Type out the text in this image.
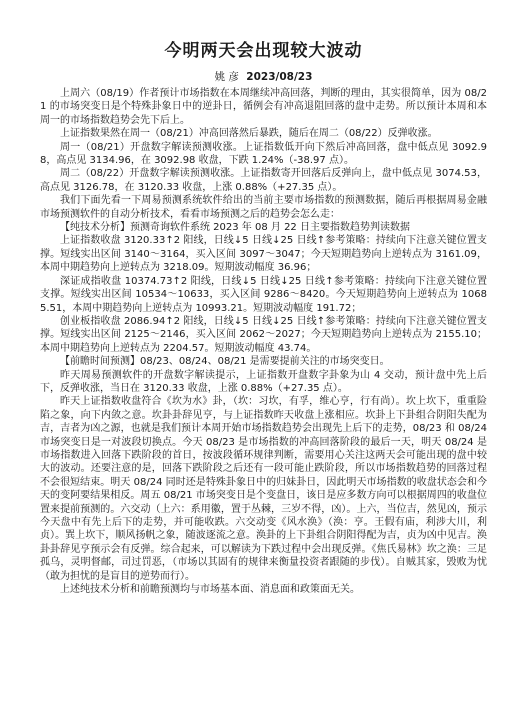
今明两天会出现较大波动
姚 彦 2023/08/23

上周六（08/19）作者预计市场指数在本周继续冲高回落，判断的理由，其实很简单，因为 08/21 的市场突变日是个特殊卦象日中的逆卦日，循例会有冲高退阻回落的盘中走势。所以预计本周和本周一的市场指数趋势会先下后上。

上证指数果然在周一（08/21）冲高回落然后暴跌，随后在周二（08/22）反弹收涨。

周一（08/21）开盘数字解读预测收涨。上证指数低开向下然后冲高回落，盘中低点见 3092.98，高点见 3134.96，在 3092.98 收盘，下跌 1.24%（-38.97 点）。

周二（08/22）开盘数字解读预测收涨。上证指数寄开回落后反弹向上，盘中低点见 3074.53，高点见 3126.78，在 3120.33 收盘，上涨 0.88%（+27.35 点）。

我们下面先看一下周易预测系统软件给出的当前主要市场指数的预测数据，随后再根据周易金融市场预测软件的自动分析技术，看看市场预测之后的趋势会怎么走：

【纯技术分析】预测奇询软件系统 2023 年 08 月 22 日主要指数趋势判读数据

上证指数收盘 3120.33↑2 阳线，日线↓5 日线↓25 日线↑参考策略：持续向下注意关键位置支撑。短线实出区间 3140～3164，买入区间 3097～3047；今天短期趋势向上逆转点为 3161.09，本周中期趋势向上逆转点为 3218.09。短期波动幅度 36.96；

深证成指收盘 10374.73↑2 阳线，日线↓5 日线↓25 日线↑参考策略：持续向下注意关键位置支撑。短线实出区间 10534～10633，买入区间 9286～8420。今天短期趋势向上逆转点为 10685.51，本周中期趋势向上逆转点为 10993.21。短期波动幅度 191.72；

创业板指收盘 2086.94↑2 阳线，日线↓5 日线↓25 日线↑参考策略：持续向下注意关键位置支撑。短线实出区间 2125～2146，买入区间 2062～2027；今天短期趋势向上逆转点为 2155.10；本周中期趋势向上逆转点为 2204.57。短期波动幅度 43.74。

【前瞻时间预测】08/23、08/24、08/21 是需要提前关注的市场突变日。

昨天周易预测软件的开盘数字解读提示，上证指数开盘数字卦象为山 4 交动，预计盘中先上后下，反弹收涨，当日在 3120.33 收盘，上涨 0.88%（+27.35 点）。

昨天上证指数收盘符合《坎为水》卦，（坎：习坎，有孚，维心亨，行有尚）。坎上坎下，重重险陷之象，向下内敛之意。坎卦卦辞见亨，与上证指数昨天收盘上涨相应。坎卦上下卦组合阴阳失配为吉，吉者为凶之源，也就是我们预计本周开始市场指数趋势会出现先上后下的走势，08/23 和 08/24 市场突变日是一对波段切换点。今天 08/23 是市场指数的冲高回落阶段的最后一天，明天 08/24 是市场指数进入回落下跌阶段的首日，按波段循环规律判断，需要用心关注这两天会可能出现的盘中较大的波动。还要注意的是，回落下跌阶段之后还有一段可能止跌阶段，所以市场指数趋势的回落过程不会很短结束。明天 08/24 同时还是特殊卦象日中的归妹卦日，因此明天市场指数的收盘状态会和今天的变阿要结果相反。周五 08/21 市场突变日是个变盘日，该日是应多数方向可以根据周四的收盘位置来提前预测的。六交动（上六：系用徽，置于丛棘，三岁不得，凶）。上六，当位吉，然见凶，预示今天盘中有先上后下的走势，并可能收跌。六交动变《风水涣》（涣：亨。王假有庙，利涉大川，利贞）。巽上坎下，顺风扬帆之象，随波逐流之意。涣卦的上下卦组合阴阳得配为吉，贞为凶中见吉。涣卦卦辞见亨预示会有反弹。综合起来，可以解读为下跌过程中会出现反弹。《焦氏易林》坎之涣：三足孤乌，灵明督邮，司过罚恶，（市场以其固有的规律来衡量投资者跟随的步伐）。自贼其家，毁败为忧（敢为担忧的是盲目的逆势而行）。

上述纯技术分析和前瞻预测均与市场基本面、消息面和政策面无关。
